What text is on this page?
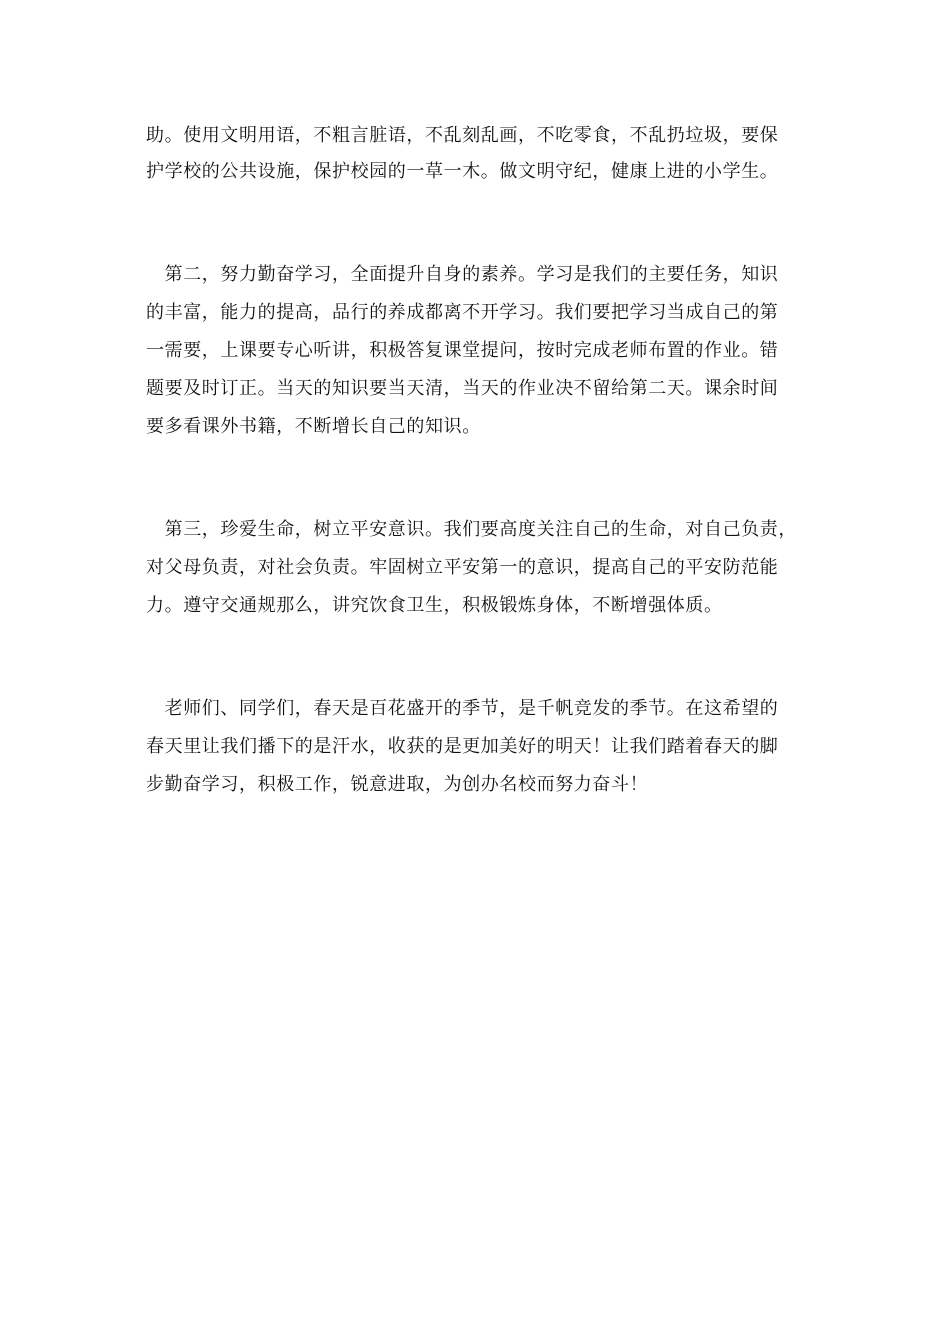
助。使用文明用语，不粗言脏语，不乱刻乱画，不吃零食，不乱扔垃圾，要保
护学校的公共设施，保护校园的一草一木。做文明守纪，健康上进的小学生。
　第二，努力勤奋学习，全面提升自身的素养。学习是我们的主要任务，知识
的丰富，能力的提高，品行的养成都离不开学习。我们要把学习当成自己的第
一需要，上课要专心听讲，积极答复课堂提问，按时完成老师布置的作业。错
题要及时订正。当天的知识要当天清，当天的作业决不留给第二天。课余时间
要多看课外书籍，不断增长自己的知识。
　第三，珍爱生命，树立平安意识。我们要高度关注自己的生命，对自己负责，
对父母负责，对社会负责。牢固树立平安第一的意识，提高自己的平安防范能
力。遵守交通规那么，讲究饮食卫生，积极锻炼身体，不断增强体质。
　老师们、同学们，春天是百花盛开的季节，是千帆竞发的季节。在这希望的
春天里让我们播下的是汗水，收获的是更加美好的明天！让我们踏着春天的脚
步勤奋学习，积极工作，锐意进取，为创办名校而努力奋斗！
